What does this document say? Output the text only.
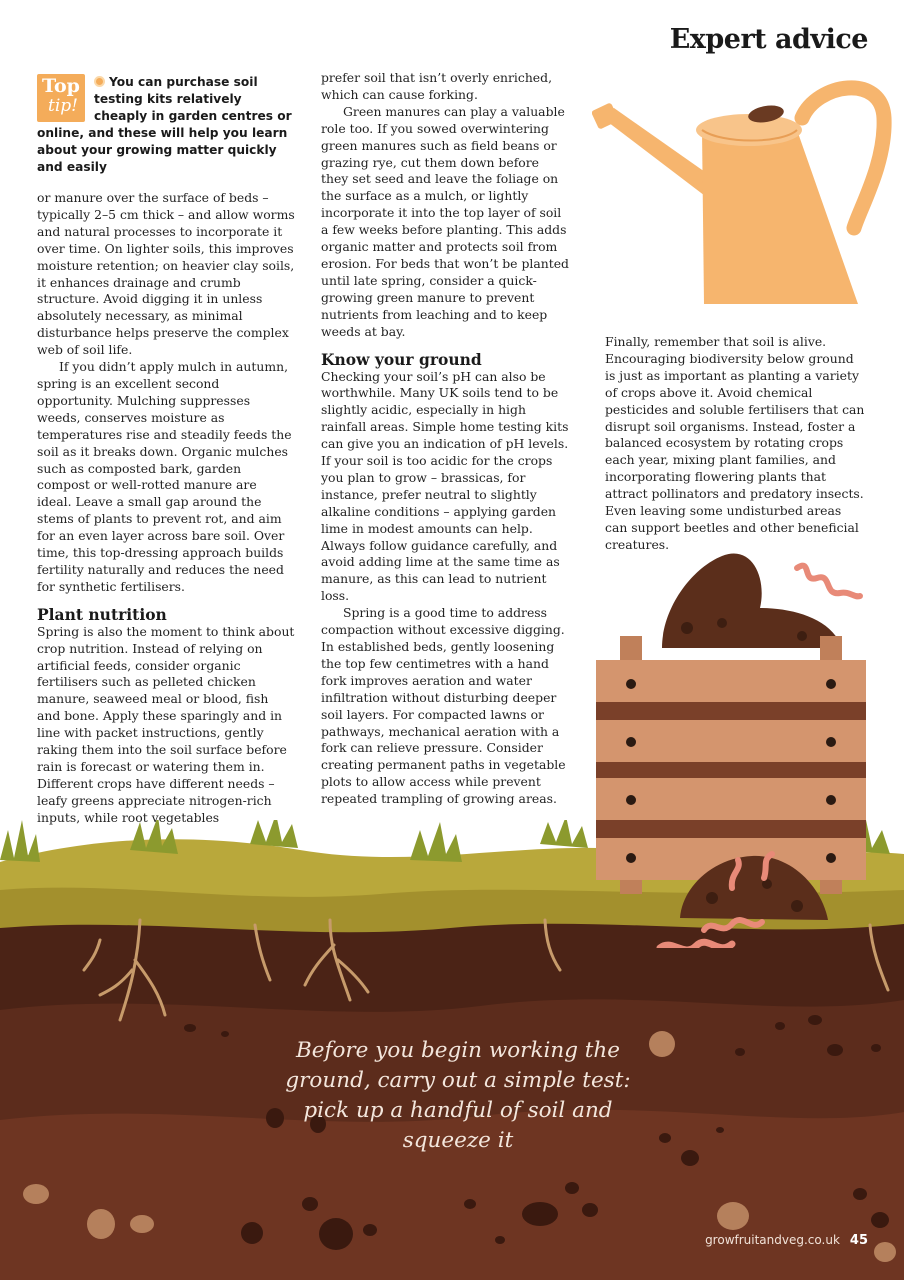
Expert advice
Top
tip!
You can purchase soil testing kits relatively cheaply in garden centres or online, and these will help you learn about your growing matter quickly and easily

or manure over the surface of beds – typically 2–5 cm thick – and allow worms and natural processes to incorporate it over time. On lighter soils, this improves moisture retention; on heavier clay soils, it enhances drainage and crumb structure. Avoid digging it in unless absolutely necessary, as minimal disturbance helps preserve the complex web of soil life.

If you didn’t apply mulch in autumn, spring is an excellent second opportunity. Mulching suppresses weeds, conserves moisture as temperatures rise and steadily feeds the soil as it breaks down. Organic mulches such as composted bark, garden compost or well-rotted manure are ideal. Leave a small gap around the stems of plants to prevent rot, and aim for an even layer across bare soil. Over time, this top-dressing approach builds fertility naturally and reduces the need for synthetic fertilisers.

Plant nutrition

Spring is also the moment to think about crop nutrition. Instead of relying on artificial feeds, consider organic fertilisers such as pelleted chicken manure, seaweed meal or blood, fish and bone. Apply these sparingly and in line with packet instructions, gently raking them into the soil surface before rain is forecast or watering them in. Different crops have different needs – leafy greens appreciate nitrogen-rich inputs, while root vegetables

prefer soil that isn’t overly enriched, which can cause forking.

Green manures can play a valuable role too. If you sowed overwintering green manures such as field beans or grazing rye, cut them down before they set seed and leave the foliage on the surface as a mulch, or lightly incorporate it into the top layer of soil a few weeks before planting. This adds organic matter and protects soil from erosion. For beds that won’t be planted until late spring, consider a quick-growing green manure to prevent nutrients from leaching and to keep weeds at bay.

Know your ground

Checking your soil’s pH can also be worthwhile. Many UK soils tend to be slightly acidic, especially in high rainfall areas. Simple home testing kits can give you an indication of pH levels. If your soil is too acidic for the crops you plan to grow – brassicas, for instance, prefer neutral to slightly alkaline conditions – applying garden lime in modest amounts can help. Always follow guidance carefully, and avoid adding lime at the same time as manure, as this can lead to nutrient loss.

Spring is a good time to address compaction without excessive digging. In established beds, gently loosening the top few centimetres with a hand fork improves aeration and water infiltration without disturbing deeper soil layers. For compacted lawns or pathways, mechanical aeration with a fork can relieve pressure. Consider creating permanent paths in vegetable plots to allow access while prevent repeated trampling of growing areas.

Finally, remember that soil is alive. Encouraging biodiversity below ground is just as important as planting a variety of crops above it. Avoid chemical pesticides and soluble fertilisers that can disrupt soil organisms. Instead, foster a balanced ecosystem by rotating crops each year, mixing plant families, and incorporating flowering plants that attract pollinators and predatory insects. Even leaving some undisturbed areas can support beetles and other beneficial creatures.

Before you begin working the ground, carry out a simple test: pick up a handful of soil and squeeze it
growfruitandveg.co.uk 45
